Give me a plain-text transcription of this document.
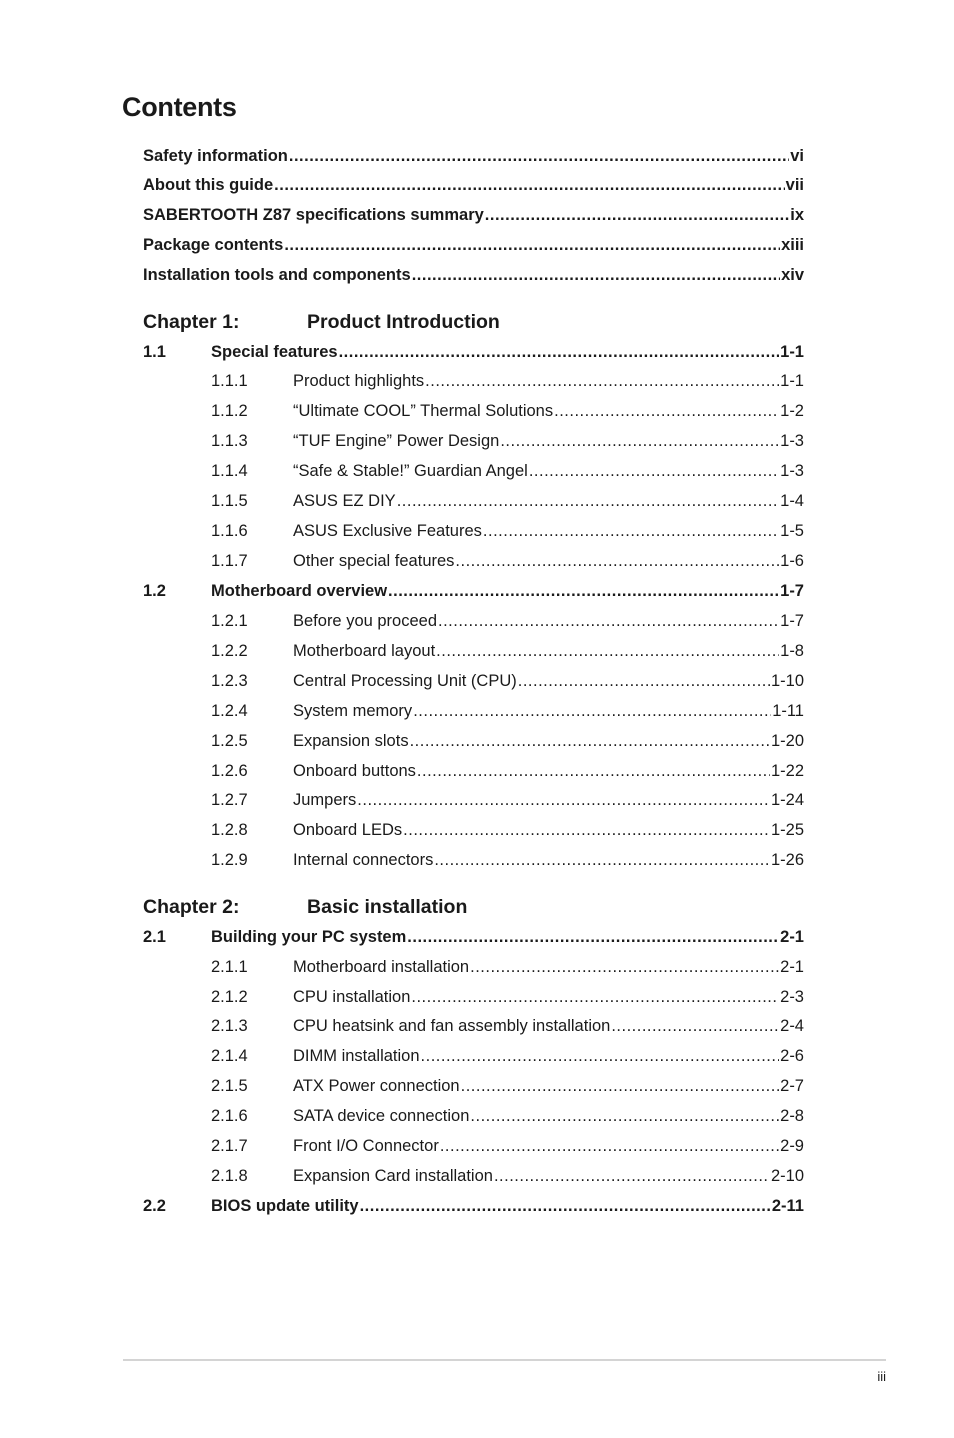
Contents
Safety information .....	vi
About this guide .....	vii
SABERTOOTH Z87 specifications summary .....	ix
Package contents .....	xiii
Installation tools and components .....	xiv
Chapter 1:	Product Introduction
1.1	Special features .....	1-1
1.1.1	Product highlights .....	1-1
1.1.2	“Ultimate COOL” Thermal Solutions .....	1-2
1.1.3	“TUF Engine” Power Design .....	1-3
1.1.4	“Safe & Stable!” Guardian Angel .....	1-3
1.1.5	ASUS EZ DIY .....	1-4
1.1.6	ASUS Exclusive Features .....	1-5
1.1.7	Other special features .....	1-6
1.2	Motherboard overview .....	1-7
1.2.1	Before you proceed .....	1-7
1.2.2	Motherboard layout .....	1-8
1.2.3	Central Processing Unit (CPU) .....	1-10
1.2.4	System memory .....	1-11
1.2.5	Expansion slots .....	1-20
1.2.6	Onboard buttons .....	1-22
1.2.7	Jumpers .....	1-24
1.2.8	Onboard LEDs .....	1-25
1.2.9	Internal connectors .....	1-26
Chapter 2:	Basic installation
2.1	Building your PC system .....	2-1
2.1.1	Motherboard installation .....	2-1
2.1.2	CPU installation .....	2-3
2.1.3	CPU heatsink and fan assembly installation .....	2-4
2.1.4	DIMM installation .....	2-6
2.1.5	ATX Power connection .....	2-7
2.1.6	SATA device connection .....	2-8
2.1.7	Front I/O Connector .....	2-9
2.1.8	Expansion Card installation .....	2-10
2.2	BIOS update utility .....	2-11
iii
